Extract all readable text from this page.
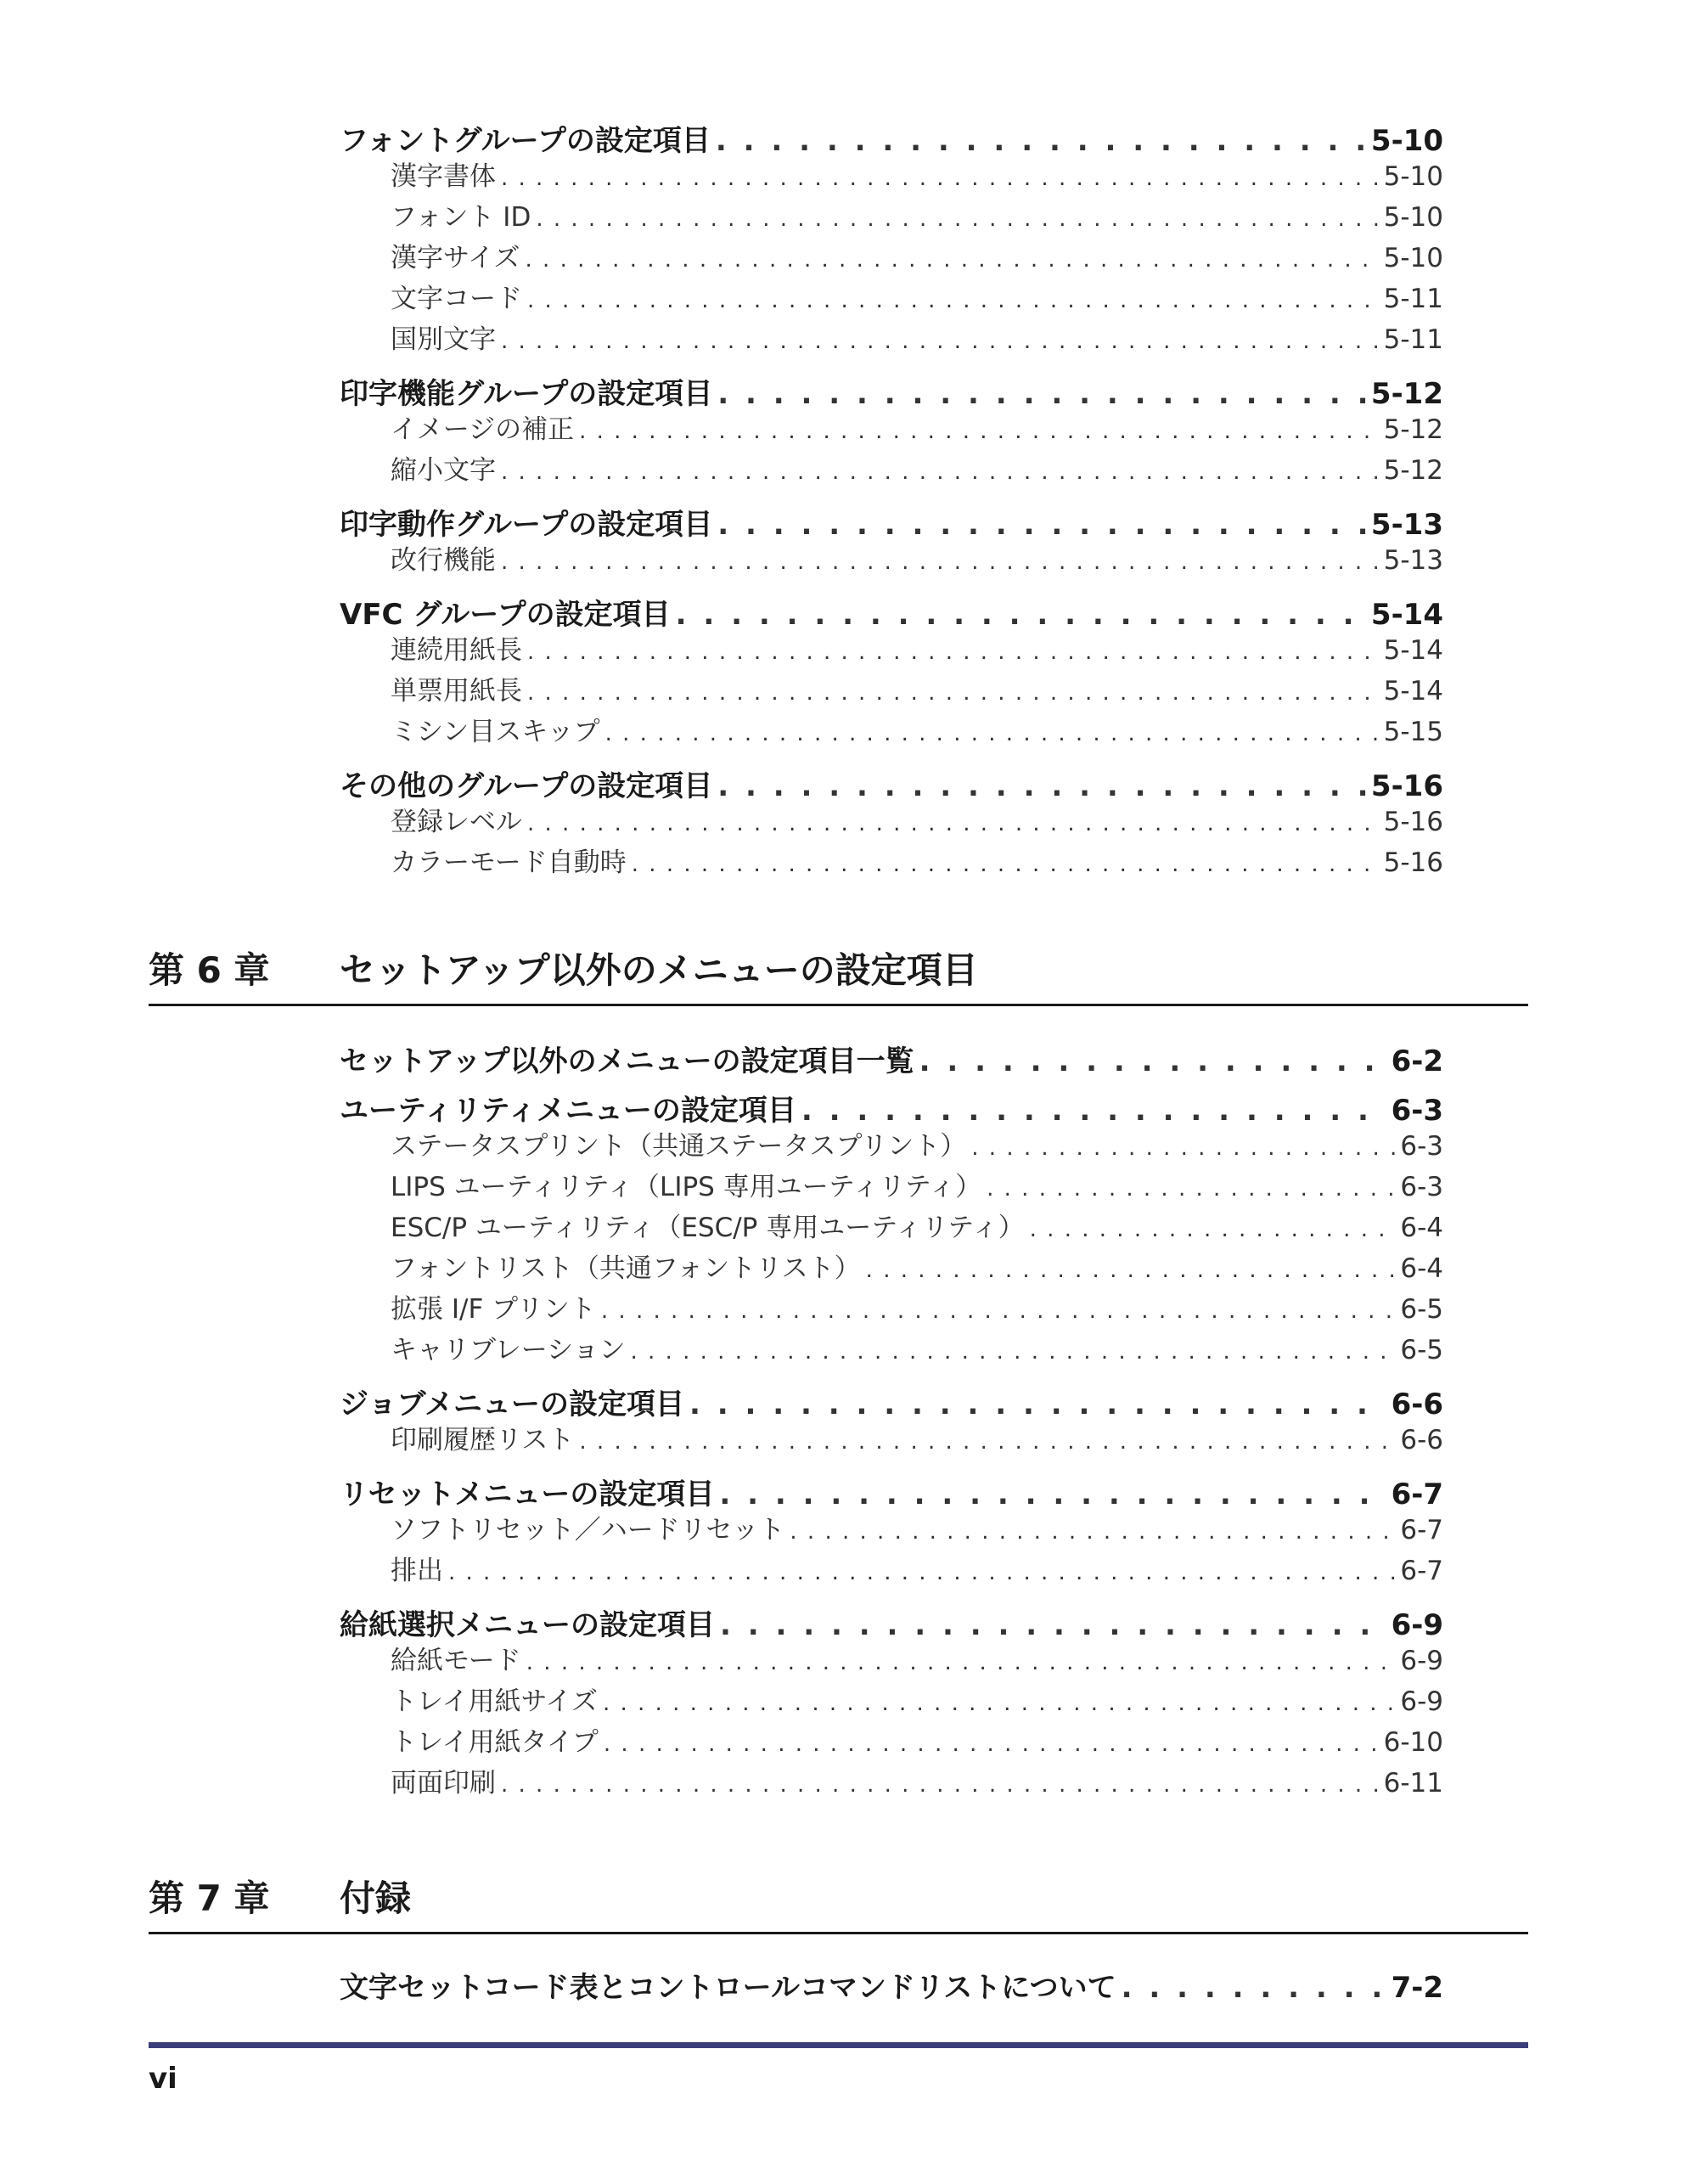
フォントグループの設定項目 . . .	5-10
漢字書体 . . .	5-10
フォント ID . . .	5-10
漢字サイズ . . .	5-10
文字コード . . .	5-11
国別文字 . . .	5-11
印字機能グループの設定項目 . . .	5-12
イメージの補正 . . .	5-12
縮小文字 . . .	5-12
印字動作グループの設定項目 . . .	5-13
改行機能 . . .	5-13
VFC グループの設定項目 . . .	5-14
連続用紙長 . . .	5-14
単票用紙長 . . .	5-14
ミシン目スキップ . . .	5-15
その他のグループの設定項目 . . .	5-16
登録レベル . . .	5-16
カラーモード自動時 . . .	5-16
第 6 章 セットアップ以外のメニューの設定項目
セットアップ以外のメニューの設定項目一覧 . . .	6-2
ユーティリティメニューの設定項目 . . .	6-3
ステータスプリント（共通ステータスプリント） . . .	6-3
LIPS ユーティリティ（LIPS 専用ユーティリティ） . . .	6-3
ESC/P ユーティリティ（ESC/P 専用ユーティリティ） . . .	6-4
フォントリスト（共通フォントリスト） . . .	6-4
拡張 I/F プリント . . .	6-5
キャリブレーション . . .	6-5
ジョブメニューの設定項目 . . .	6-6
印刷履歴リスト . . .	6-6
リセットメニューの設定項目 . . .	6-7
ソフトリセット／ハードリセット . . .	6-7
排出 . . .	6-7
給紙選択メニューの設定項目 . . .	6-9
給紙モード . . .	6-9
トレイ用紙サイズ . . .	6-9
トレイ用紙タイプ . . .	6-10
両面印刷 . . .	6-11
第 7 章 付録
文字セットコード表とコントロールコマンドリストについて . . .	7-2
vi
